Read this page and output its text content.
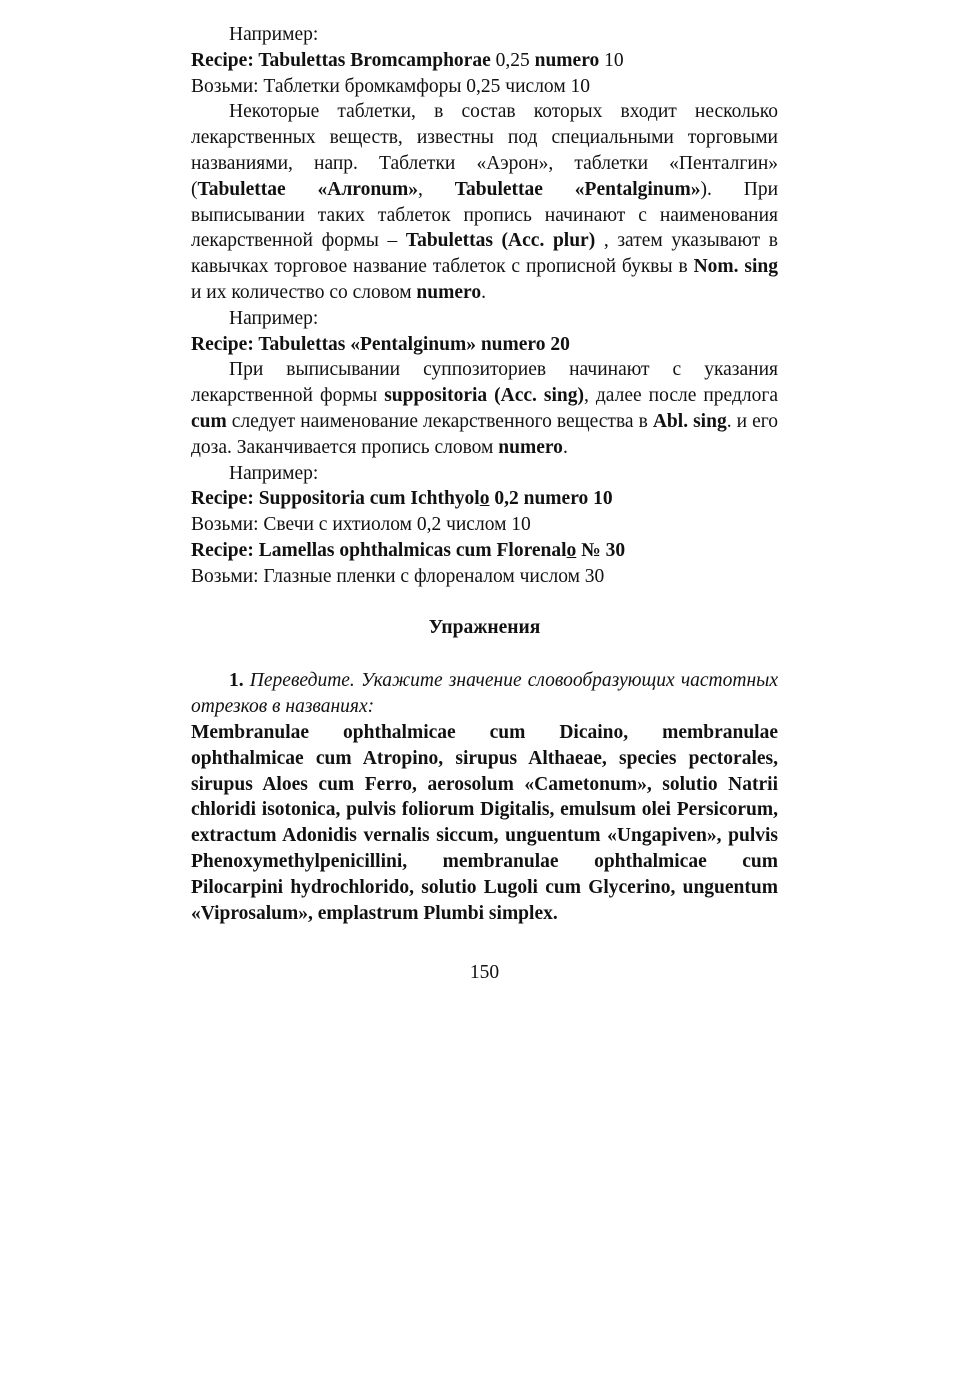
Например:
Recipe: Tabulettas Bromcamphorae 0,25 numero 10
Возьми: Таблетки бромкамфоры 0,25 числом 10
Некоторые таблетки, в состав которых входит несколько лекарственных веществ, известны под специальными торговыми названиями, напр. Таблетки «Аэрон», таблетки «Пенталгин» (Tabulettae «Aлronum», Tabulettae «Pentalginum»). При выписывании таких таблеток пропись начинают с наименования лекарственной формы – Tabulettas (Acc. plur) , затем указывают в кавычках торговое название таблеток с прописной буквы в Nom. sing и их количество со словом numero.
Например:
Recipe: Tabulettas «Pentalginum» numero 20
При выписывании суппозиториев начинают с указания лекарственной формы suppositoria (Acc. sing), далее после предлога cum следует наименование лекарственного вещества в Abl. sing. и его доза. Заканчивается пропись словом numero.
Например:
Recipe: Suppositoria cum Ichthyolo 0,2 numero 10
Возьми: Свечи с ихтиолом 0,2 числом 10
Recipe: Lamellas ophthalmicas cum Florenalo № 30
Возьми: Глазные пленки с флореналом числом 30
Упражнения
1. Переведите. Укажите значение словообразующих частотных отрезков в названиях:
Membranulae ophthalmicae cum Dicaino, membranulae ophthalmicae cum Atropino, sirupus Althaeae, species pectorales, sirupus Aloes cum Ferro, aerosolum «Cametonum», solutio Natrii chloridi isotonica, pulvis foliorum Digitalis, emulsum olei Persicorum, extractum Adonidis vernalis siccum, unguentum «Ungapiven», pulvis Phenoxymethylpenicillini, membranulae ophthalmicae cum Pilocarpini hydrochlorido, solutio Lugoli cum Glycerino, unguentum «Viprosalum», emplastrum Plumbi simplex.
150
